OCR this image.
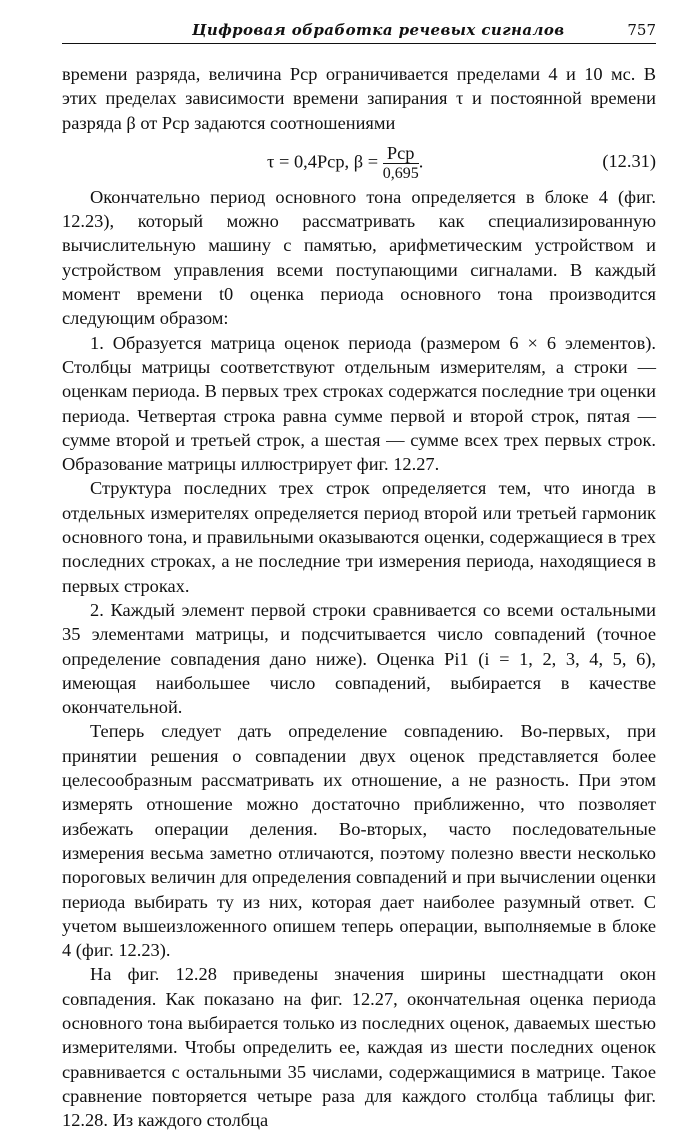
Цифровая обработка речевых сигналов	757

времени разряда, величина Pср ограничивается пределами 4 и 10 мс. В этих пределах зависимости времени запирания τ и постоянной времени разряда β от Pср задаются соотношениями

τ = 0,4Pср, $\beta = \frac{\text{Pср}}{0,695}$ .	(12.31)

Окончательно период основного тона определяется в блоке 4 (фиг. 12.23), который можно рассматривать как специализированную вычислительную машину с памятью, арифметическим устройством и устройством управления всеми поступающими сигналами. В каждый момент времени t0 оценка периода основного тона производится следующим образом:

1. Образуется матрица оценок периода (размером 6 × 6 элементов). Столбцы матрицы соответствуют отдельным измерителям, а строки — оценкам периода. В первых трех строках содержатся последние три оценки периода. Четвертая строка равна сумме первой и второй строк, пятая — сумме второй и третьей строк, а шестая — сумме всех трех первых строк. Образование матрицы иллюстрирует фиг. 12.27.

Структура последних трех строк определяется тем, что иногда в отдельных измерителях определяется период второй или третьей гармоник основного тона, и правильными оказываются оценки, содержащиеся в трех последних строках, а не последние три измерения периода, находящиеся в первых строках.

2. Каждый элемент первой строки сравнивается со всеми остальными 35 элементами матрицы, и подсчитывается число совпадений (точное определение совпадения дано ниже). Оценка Pi1 (i = 1, 2, 3, 4, 5, 6), имеющая наибольшее число совпадений, выбирается в качестве окончательной.

Теперь следует дать определение совпадению. Во-первых, при принятии решения о совпадении двух оценок представляется более целесообразным рассматривать их отношение, а не разность. При этом измерять отношение можно достаточно приближенно, что позволяет избежать операции деления. Во-вторых, часто последовательные измерения весьма заметно отличаются, поэтому полезно ввести несколько пороговых величин для определения совпадений и при вычислении оценки периода выбирать ту из них, которая дает наиболее разумный ответ. С учетом вышеизложенного опишем теперь операции, выполняемые в блоке 4 (фиг. 12.23).

На фиг. 12.28 приведены значения ширины шестнадцати окон совпадения. Как показано на фиг. 12.27, окончательная оценка периода основного тона выбирается только из последних оценок, даваемых шестью измерителями. Чтобы определить ее, каждая из шести последних оценок сравнивается с остальными 35 числами, содержащимися в матрице. Такое сравнение повторяется четыре раза для каждого столбца таблицы фиг. 12.28. Из каждого столбца
